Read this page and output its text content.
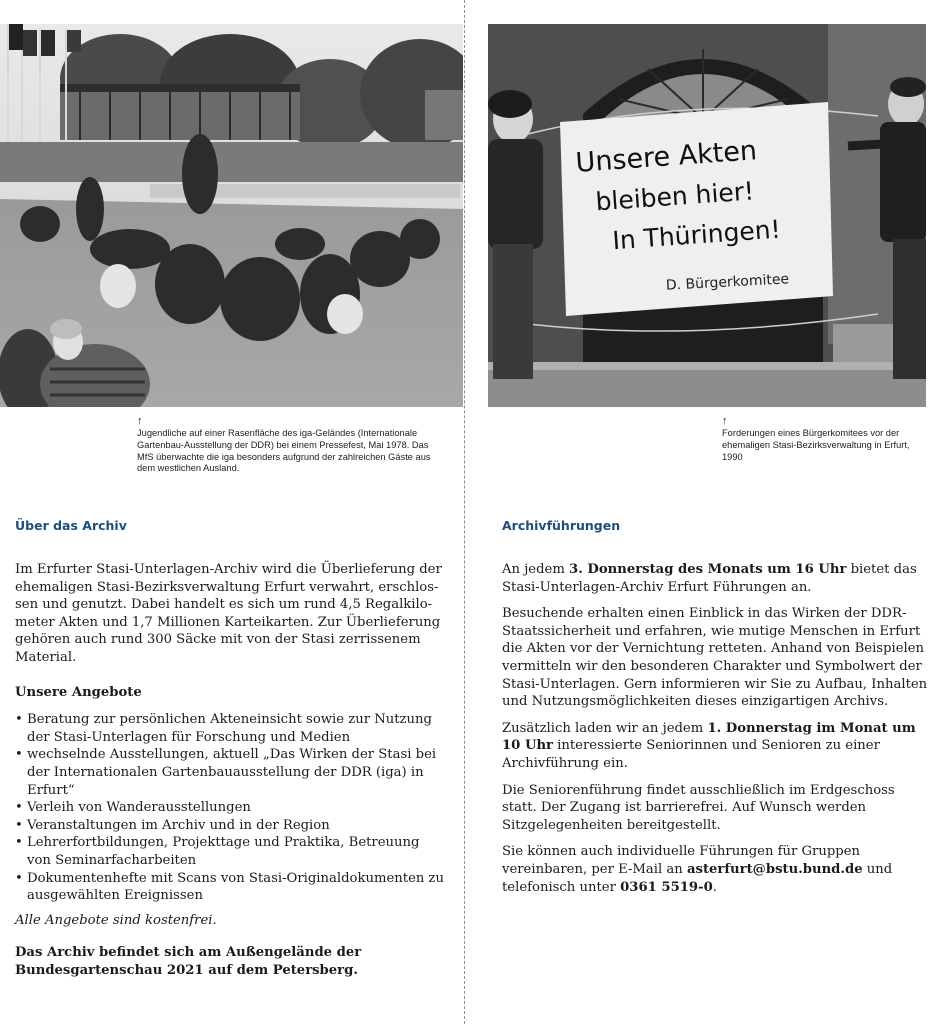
Unsere Akten
bleiben hier!
In Thüringen!
D. Bürgerkomitee
↑
Jugendliche auf einer Rasenfläche des iga-Geländes (Internationale Gartenbau-Ausstellung der DDR) bei einem Pressefest, Mai 1978. Das MfS überwachte die iga besonders aufgrund der zahlreichen Gäste aus dem westlichen Ausland.
↑
Forderungen eines Bürgerkomitees vor der ehemaligen Stasi-Bezirksverwaltung in Erfurt, 1990
Über das Archiv

Im Erfurter Stasi-Unterlagen-Archiv wird die Überlieferung der ehemaligen Stasi-Bezirksverwaltung Erfurt verwahrt, erschlossen und genutzt. Dabei handelt es sich um rund 4,5 Regalkilometer Akten und 1,7 Millionen Karteikarten. Zur Überlieferung gehören auch rund 300 Säcke mit von der Stasi zerrissenem Material.

Unsere Angebote
• Beratung zur persönlichen Akteneinsicht sowie zur Nutzung der Stasi-Unterlagen für Forschung und Medien
• wechselnde Ausstellungen, aktuell „Das Wirken der Stasi bei der Internationalen Gartenbauausstellung der DDR (iga) in Erfurt“
• Verleih von Wanderausstellungen
• Veranstaltungen im Archiv und in der Region
• Lehrerfortbildungen, Projekttage und Praktika, Betreuung von Seminarfacharbeiten
• Dokumentenhefte mit Scans von Stasi-Originaldokumenten zu ausgewählten Ereignissen

Alle Angebote sind kostenfrei.

Das Archiv befindet sich am Außengelände der Bundesgartenschau 2021 auf dem Petersberg.

Archivführungen

An jedem 3. Donnerstag des Monats um 16 Uhr bietet das Stasi-Unterlagen-Archiv Erfurt Führungen an.

Besuchende erhalten einen Einblick in das Wirken der DDR-Staatssicherheit und erfahren, wie mutige Menschen in Erfurt die Akten vor der Vernichtung retteten. Anhand von Beispielen vermitteln wir den besonderen Charakter und Symbolwert der Stasi-Unterlagen. Gern informieren wir Sie zu Aufbau, Inhalten und Nutzungsmöglichkeiten dieses einzigartigen Archivs.

Zusätzlich laden wir an jedem 1. Donnerstag im Monat um 10 Uhr interessierte Seniorinnen und Senioren zu einer Archivführung ein.

Die Seniorenführung findet ausschließlich im Erdgeschoss statt. Der Zugang ist barrierefrei. Auf Wunsch werden Sitzgelegenheiten bereitgestellt.

Sie können auch individuelle Führungen für Gruppen vereinbaren, per E-Mail an asterfurt@bstu.bund.de und telefonisch unter 0361 5519-0.
